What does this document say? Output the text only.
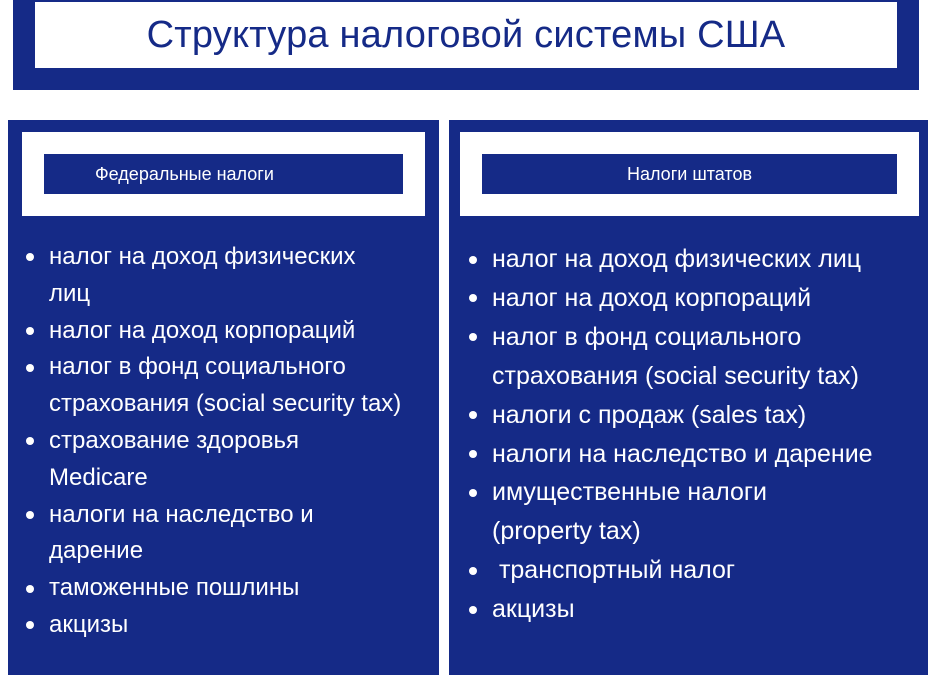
Структура налоговой системы США
Федеральные налоги
налог на доход физических лиц
налог на доход корпораций
налог в фонд социального страхования (social security tax)
страхование здоровья Medicare
налоги на наследство и дарение
таможенные пошлины
акцизы
Налоги штатов
налог на доход физических лиц
налог на доход корпораций
налог в фонд социального страхования (social security tax)
налоги с продаж (sales tax)
налоги на наследство и дарение
имущественные налоги (property tax)
транспортный налог
акцизы
